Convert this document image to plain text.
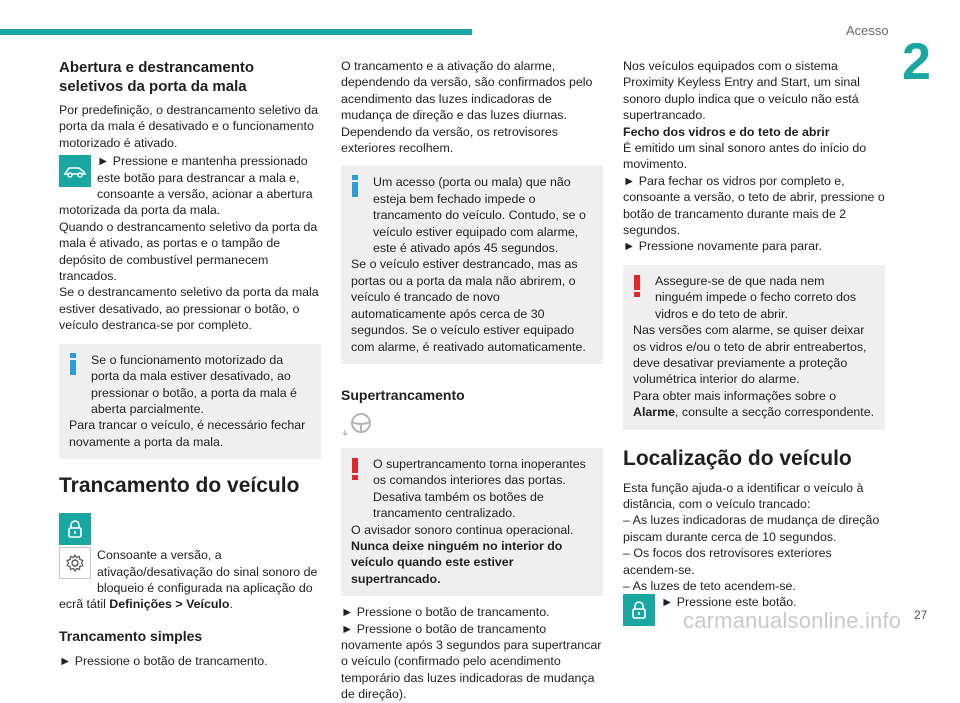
Acesso
2
Abertura e destrancamento seletivos da porta da mala

Por predefinição, o destrancamento seletivo da porta da mala é desativado e o funcionamento motorizado é ativado.

► Pressione e mantenha pressionado este botão para destrancar a mala e, consoante a versão, acionar a abertura motorizada da porta da mala.

Quando o destrancamento seletivo da porta da mala é ativado, as portas e o tampão de depósito de combustível permanecem trancados.

Se o destrancamento seletivo da porta da mala estiver desativado, ao pressionar o botão, o veículo destranca-se por completo.

Se o funcionamento motorizado da porta da mala estiver desativado, ao pressionar o botão, a porta da mala é aberta parcialmente.

Para trancar o veículo, é necessário fechar novamente a porta da mala.

Trancamento do veículo

Consoante a versão, a ativação/desativação do sinal sonoro de bloqueio é configurada na aplicação do ecrã tátil Definições > Veículo.

Trancamento simples

► Pressione o botão de trancamento.

O trancamento e a ativação do alarme, dependendo da versão, são confirmados pelo acendimento das luzes indicadoras de mudança de direção e das luzes diurnas.

Dependendo da versão, os retrovisores exteriores recolhem.

Um acesso (porta ou mala) que não esteja bem fechado impede o trancamento do veículo. Contudo, se o veículo estiver equipado com alarme, este é ativado após 45 segundos.

Se o veículo estiver destrancado, mas as portas ou a porta da mala não abrirem, o veículo é trancado de novo automaticamente após cerca de 30 segundos. Se o veículo estiver equipado com alarme, é reativado automaticamente.

Supertrancamento

O supertrancamento torna inoperantes os comandos interiores das portas. Desativa também os botões de trancamento centralizado.

O avisador sonoro continua operacional.

Nunca deixe ninguém no interior do veículo quando este estiver supertrancado.

► Pressione o botão de trancamento.

► Pressione o botão de trancamento novamente após 3 segundos para supertrancar o veículo (confirmado pelo acendimento temporário das luzes indicadoras de mudança de direção).

Nos veículos equipados com o sistema Proximity Keyless Entry and Start, um sinal sonoro duplo indica que o veículo não está supertrancado.

Fecho dos vidros e do teto de abrir

É emitido um sinal sonoro antes do início do movimento.

► Para fechar os vidros por completo e, consoante a versão, o teto de abrir, pressione o botão de trancamento durante mais de 2 segundos.

► Pressione novamente para parar.

Assegure-se de que nada nem ninguém impede o fecho correto dos vidros e do teto de abrir.

Nas versões com alarme, se quiser deixar os vidros e/ou o teto de abrir entreabertos, deve desativar previamente a proteção volumétrica interior do alarme.

Para obter mais informações sobre o Alarme, consulte a secção correspondente.

Localização do veículo

Esta função ajuda-o a identificar o veículo à distância, com o veículo trancado:

– As luzes indicadoras de mudança de direção piscam durante cerca de 10 segundos.

– Os focos dos retrovisores exteriores acendem-se.

– As luzes de teto acendem-se.

► Pressione este botão.

carmanualsonline.info 27
